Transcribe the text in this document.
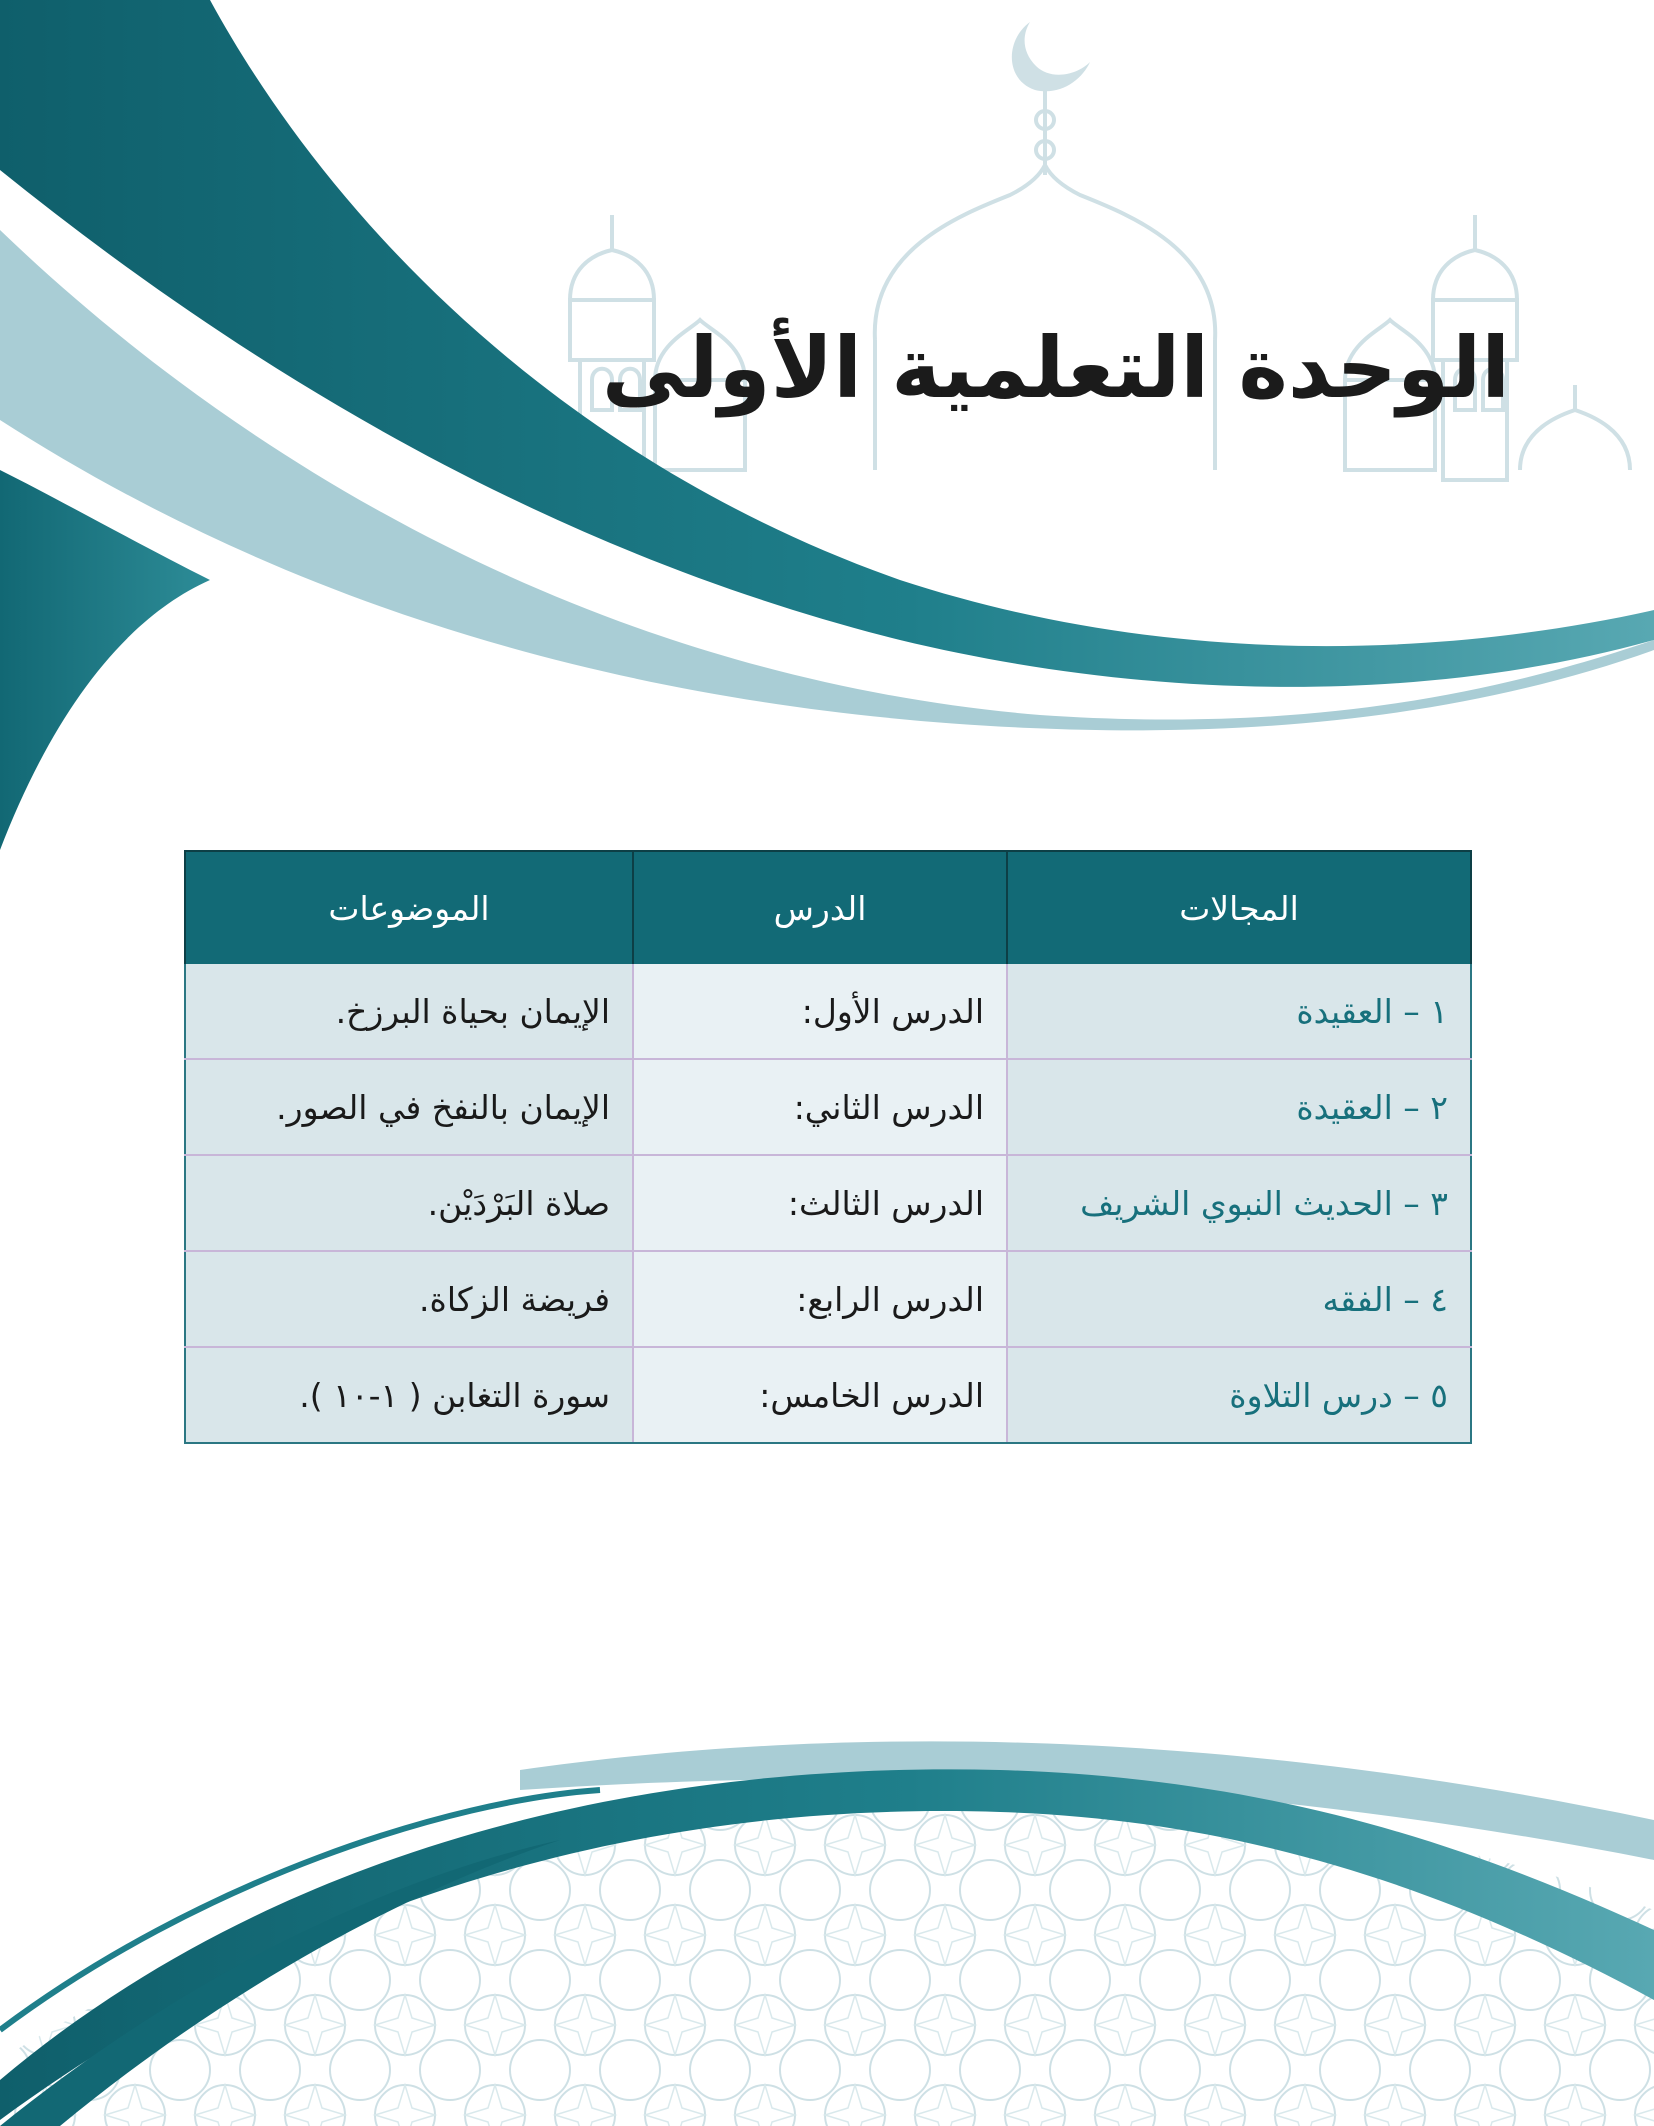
الوحدة التعلمية الأولى
المجالات	الدرس	الموضوعات
١ – العقيدة	الدرس الأول:	الإيمان بحياة البرزخ.
٢ – العقيدة	الدرس الثاني:	الإيمان بالنفخ في الصور.
٣ – الحديث النبوي الشريف	الدرس الثالث:	صلاة البَرْدَيْن.
٤ – الفقه	الدرس الرابع:	فريضة الزكاة.
٥ – درس التلاوة	الدرس الخامس:	سورة التغابن ( ١-١٠ ).
